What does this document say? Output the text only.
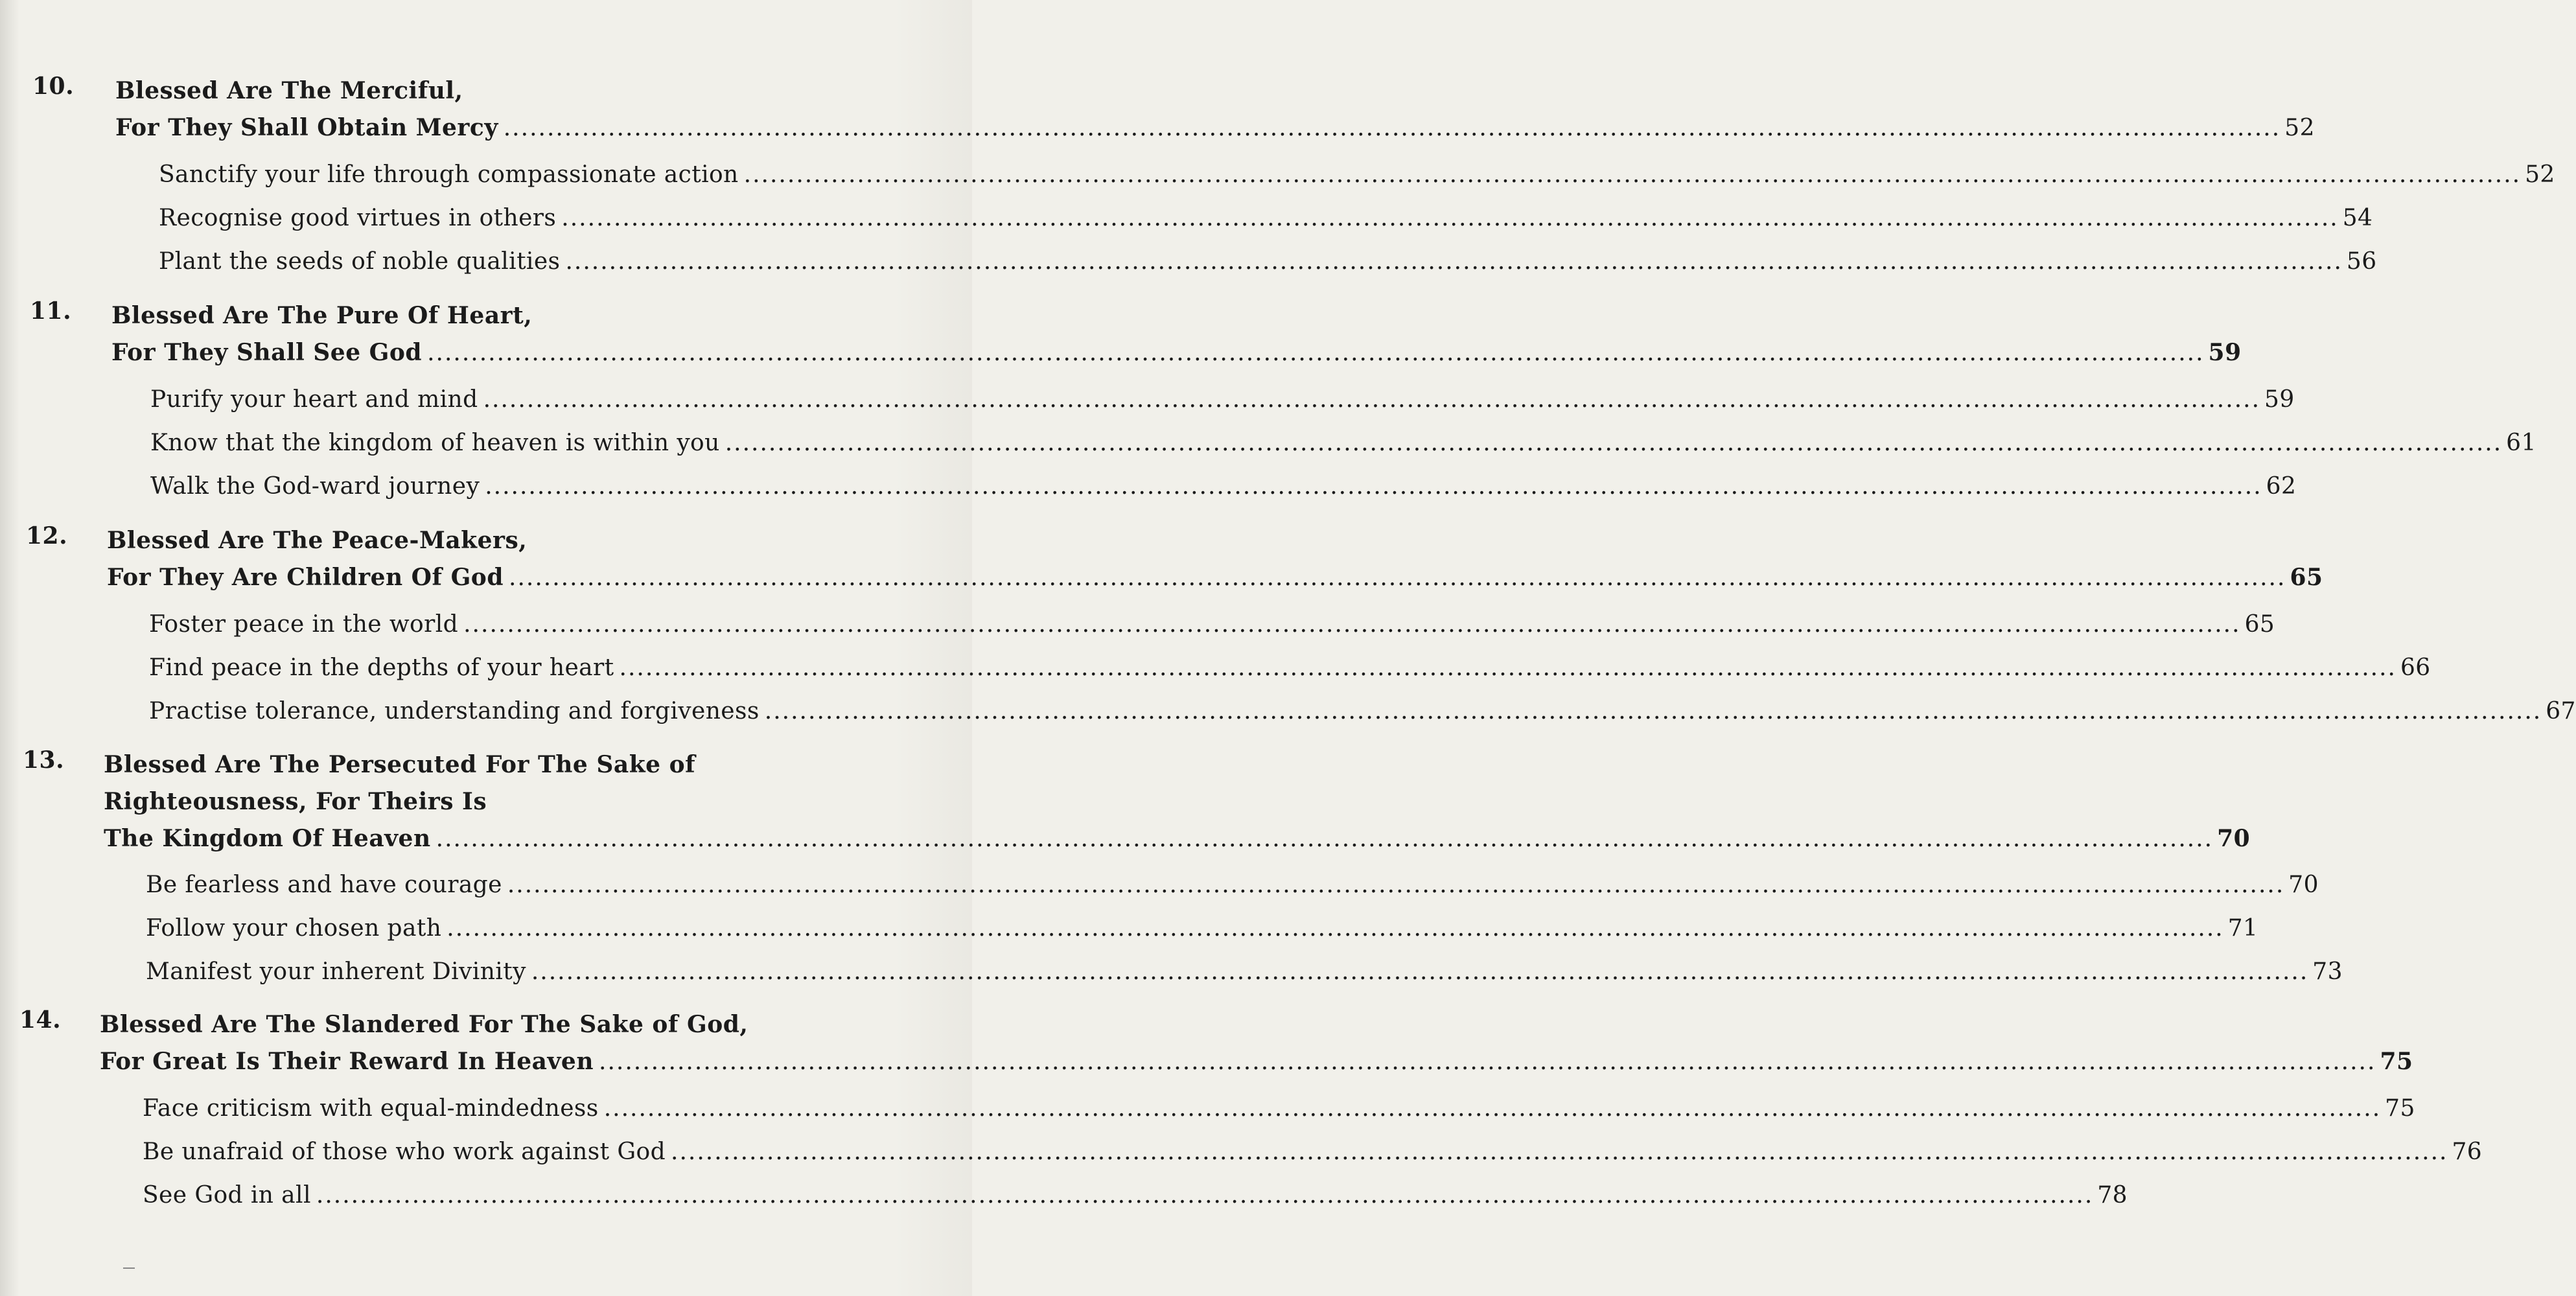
10. Blessed Are The Merciful,
For They Shall Obtain Mercy .....	52
Sanctify your life through compassionate action .....	52
Recognise good virtues in others .....	54
Plant the seeds of noble qualities .....	56
11. Blessed Are The Pure Of Heart,
For They Shall See God .....	59
Purify your heart and mind .....	59
Know that the kingdom of heaven is within you .....	61
Walk the God-ward journey .....	62
12. Blessed Are The Peace-Makers,
For They Are Children Of God .....	65
Foster peace in the world .....	65
Find peace in the depths of your heart .....	66
Practise tolerance, understanding and forgiveness .....	67
13. Blessed Are The Persecuted For The Sake of
Righteousness, For Theirs Is
The Kingdom Of Heaven .....	70
Be fearless and have courage .....	70
Follow your chosen path .....	71
Manifest your inherent Divinity .....	73
14. Blessed Are The Slandered For The Sake of God,
For Great Is Their Reward In Heaven .....	75
Face criticism with equal-mindedness .....	75
Be unafraid of those who work against God .....	76
See God in all .....	78
